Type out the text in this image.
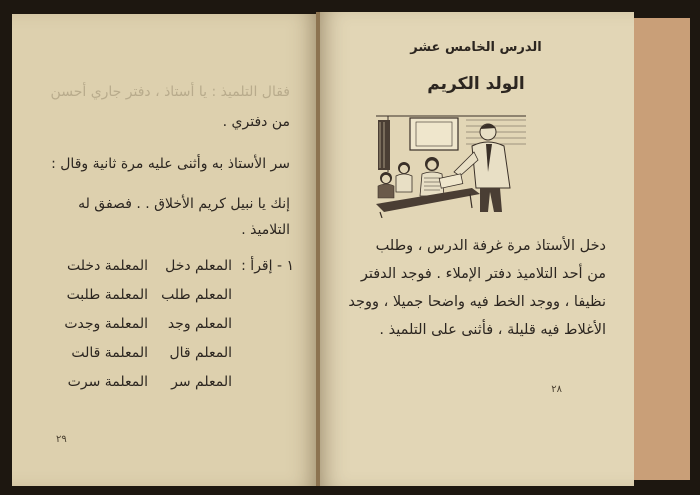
فقال التلميذ : يا أستاذ ، دفتر جاري أحسن
من دفتري .
سر الأستاذ به وأثنى عليه مرة ثانية وقال :
إنك يا نبيل كريم الأخلاق . . فصفق له
التلاميذ .
١ - إقرأ :
المعلم دخل
المعلم طلب
المعلم وجد
المعلم قال
المعلم سر
المعلمة دخلت
المعلمة طلبت
المعلمة وجدت
المعلمة قالت
المعلمة سرت
٢٩
الدرس الخامس عشر
الولد الكريم
دخل الأستاذ مرة غرفة الدرس ، وطلب
من أحد التلاميذ دفتر الإملاء . فوجد الدفتر
نظيفا ، ووجد الخط فيه واضحا جميلا ، ووجد
الأغلاط فيه قليلة ، فأثنى على التلميذ .
٢٨
